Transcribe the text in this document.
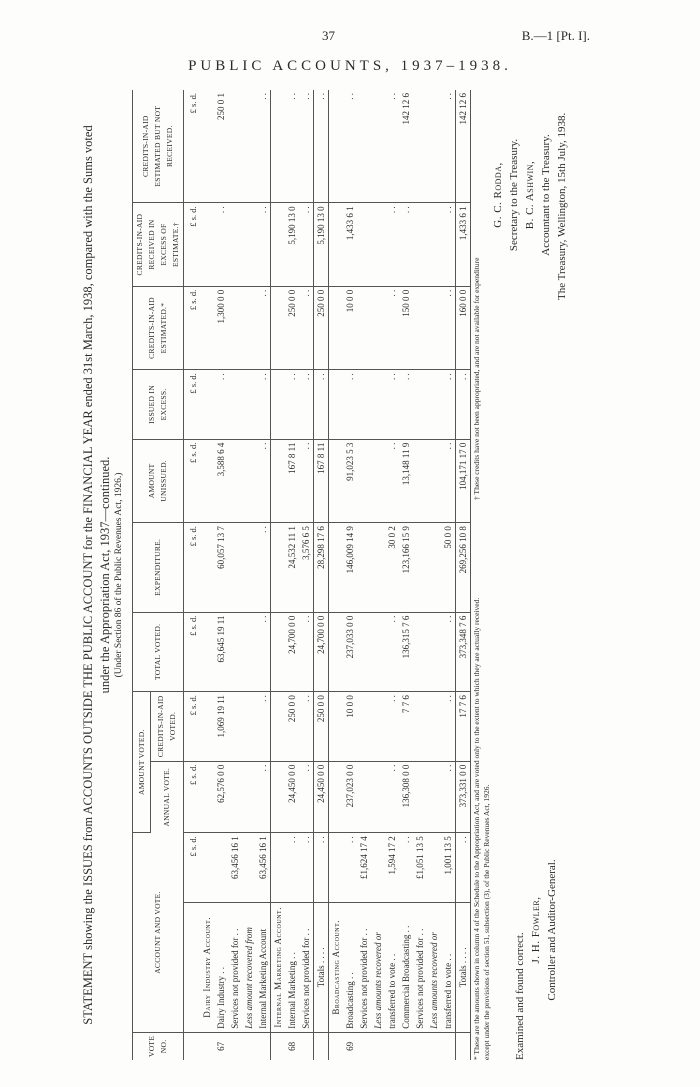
37	B.—1 [Pt. I].
PUBLIC ACCOUNTS, 1937–1938.
STATEMENT showing the ISSUES from ACCOUNTS OUTSIDE THE PUBLIC ACCOUNT for the FINANCIAL YEAR ended 31st March, 1938, compared with the Sums voted under the Appropriation Act, 1937—continued. (Under Section 86 of the Public Revenues Act, 1926.)
VOTE NO.	ACCOUNT AND VOTE.		AMOUNT VOTED.		TOTAL VOTED.	EXPENDITURE.	AMOUNT UNISSUED.	ISSUED IN EXCESS.	CREDITS-IN-AID ESTIMATED.*	CREDITS-IN-AID RECEIVED IN EXCESS OF ESTIMATE.†	CREDITS-IN-AID ESTIMATED BUT NOT RECEIVED.
			ANNUAL VOTE.	CREDITS-IN-AID VOTED.							
		£ s. d.	£ s. d.	£ s. d.	£ s. d.	£ s. d.	£ s. d.	£ s. d.	£ s. d.	£ s. d.	£ s. d.
	Dairy Industry Account.										
67	Dairy Industry . .		62,576 0 0	1,069 19 11	63,645 19 11	60,057 13 7	3,588 6 4	. .	1,300 0 0	. .	250 0 1
	Services not provided for . .	63,456 16 1									
	Less amount recovered from										
	Internal Marketing Account	63,456 16 1	. .	. .	. .	. .	. .	. .	. .	. .	. .
	Internal Marketing Account.										
68	Internal Marketing . .	. .	24,450 0 0	250 0 0	24,700 0 0	24,532 11 1	167 8 11	. .	250 0 0	5,190 13 0	. .
	Services not provided for . .	. .	. .	. .	. .	3,576 6 5	. .	. .	. .	. .	. .
	Totals . . . .	. .	24,450 0 0	250 0 0	24,700 0 0	28,298 17 6	167 8 11	. .	250 0 0	5,190 13 0	. .
	Broadcasting Account.										
69	Broadcasting . .	. .	237,023 0 0	10 0 0	237,033 0 0	146,009 14 9	91,023 5 3	. .	10 0 0	1,433 6 1	. .
	Services not provided for . .	£1,624 17 4									
	Less amounts recovered or										
	transferred to vote . .	1,594 17 2	. .	. .	. .	30 0 2	. .	. .	. .	. .	. .
	Commercial Broadcasting . .	. .	136,308 0 0	7 7 6	136,315 7 6	123,166 15 9	13,148 11 9	. .	150 0 0	. .	142 12 6
	Services not provided for . .	£1,051 13 5									
	Less amounts recovered or										
	transferred to vote . .	1,001 13 5	. .	. .	. .	50 0 0	. .	. .	. .	. .	. .
	Totals . . . .	. .	373,331 0 0	17 7 6	373,348 7 6	269,256 10 8	104,171 17 0	. .	160 0 0	1,433 6 1	142 12 6
* These are the amounts shown in column 4 of the Schedule to the Appropriation Act, and are voted only to the extent to which they are actually received. except under the provisions of section 51, subsection (3), of the Public Revenues Act, 1926.
† These credits have not been appropriated, and are not available for expenditure
G. C. Rodda, Secretary to the Treasury. B. C. Ashwin, Accountant to the Treasury. The Treasury, Wellington, 15th July, 1938.
Examined and found correct.
J. H. Fowler, Controller and Auditor-General.
